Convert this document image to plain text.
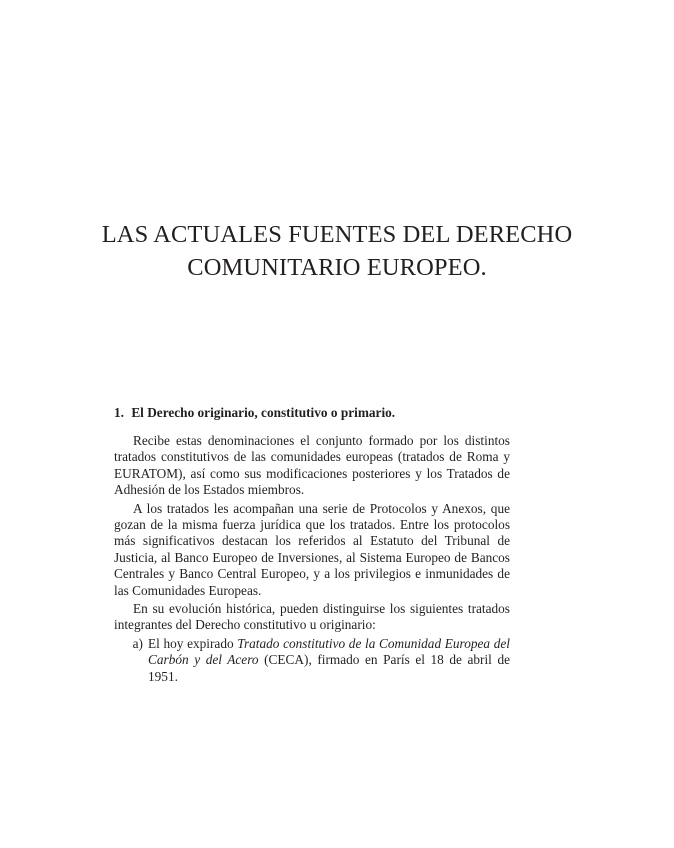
LAS ACTUALES FUENTES DEL DERECHO
COMUNITARIO EUROPEO.
1. El Derecho originario, constitutivo o primario.

Recibe estas denominaciones el conjunto formado por los distintos tratados constitutivos de las comunidades europeas (tratados de Roma y EURATOM), así como sus modificaciones posteriores y los Tratados de Adhesión de los Estados miembros.

A los tratados les acompañan una serie de Protocolos y Anexos, que gozan de la misma fuerza jurídica que los tratados. Entre los protocolos más significativos destacan los referidos al Estatuto del Tribunal de Justicia, al Banco Europeo de Inversiones, al Sistema Europeo de Bancos Centrales y Banco Central Europeo, y a los privilegios e inmunidades de las Comunidades Europeas.

En su evolución histórica, pueden distinguirse los siguientes tratados integrantes del Derecho constitutivo u originario:

a) El hoy expirado Tratado constitutivo de la Comunidad Europea del Carbón y del Acero (CECA), firmado en París el 18 de abril de 1951.
